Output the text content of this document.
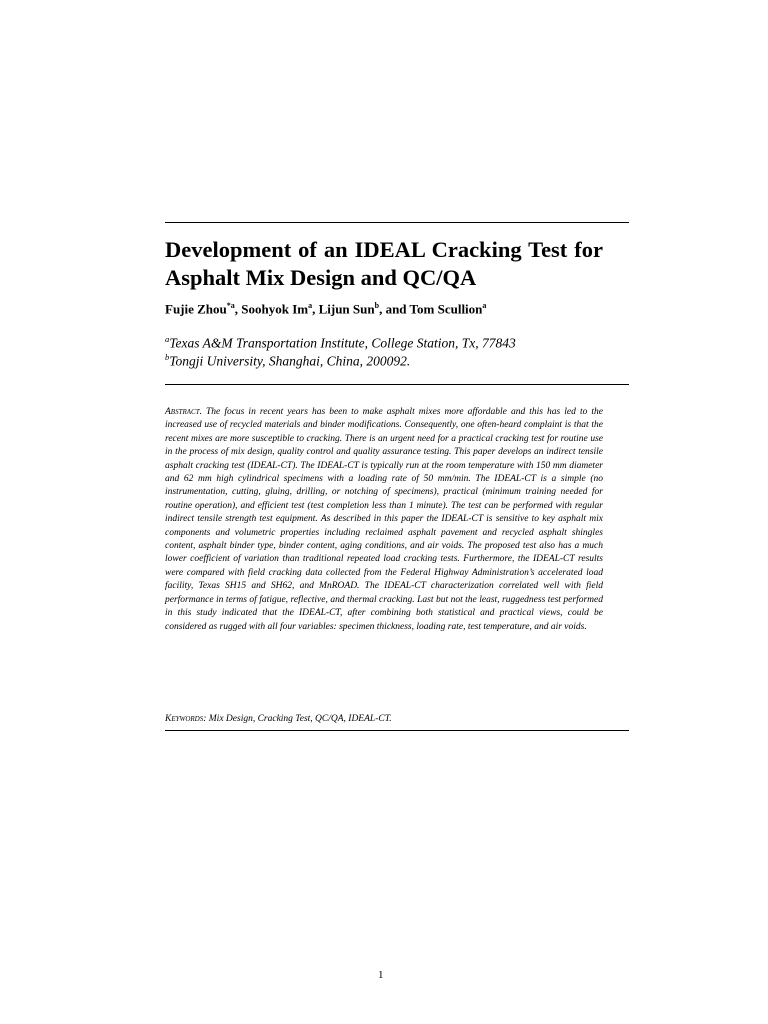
Development of an IDEAL Cracking Test for Asphalt Mix Design and QC/QA
Fujie Zhou$^{*a}$, Soohyok Im$^a$, Lijun Sun$^b$, and Tom Scullion$^a$
$^a$Texas A&M Transportation Institute, College Station, Tx, 77843
$^b$Tongji University, Shanghai, China, 200092.

Abstract. The focus in recent years has been to make asphalt mixes more affordable and this has led to the increased use of recycled materials and binder modifications. Consequently, one often-heard complaint is that the recent mixes are more susceptible to cracking. There is an urgent need for a practical cracking test for routine use in the process of mix design, quality control and quality assurance testing. This paper develops an indirect tensile asphalt cracking test (IDEAL-CT). The IDEAL-CT is typically run at the room temperature with 150 mm diameter and 62 mm high cylindrical specimens with a loading rate of 50 mm/min. The IDEAL-CT is a simple (no instrumentation, cutting, gluing, drilling, or notching of specimens), practical (minimum training needed for routine operation), and efficient test (test completion less than 1 minute). The test can be performed with regular indirect tensile strength test equipment. As described in this paper the IDEAL-CT is sensitive to key asphalt mix components and volumetric properties including reclaimed asphalt pavement and recycled asphalt shingles content, asphalt binder type, binder content, aging conditions, and air voids. The proposed test also has a much lower coefficient of variation than traditional repeated load cracking tests. Furthermore, the IDEAL-CT results were compared with field cracking data collected from the Federal Highway Administration’s accelerated load facility, Texas SH15 and SH62, and MnROAD. The IDEAL-CT characterization correlated well with field performance in terms of fatigue, reflective, and thermal cracking. Last but not the least, ruggedness test performed in this study indicated that the IDEAL-CT, after combining both statistical and practical views, could be considered as rugged with all four variables: specimen thickness, loading rate, test temperature, and air voids.

Keywords: Mix Design, Cracking Test, QC/QA, IDEAL-CT.
1
